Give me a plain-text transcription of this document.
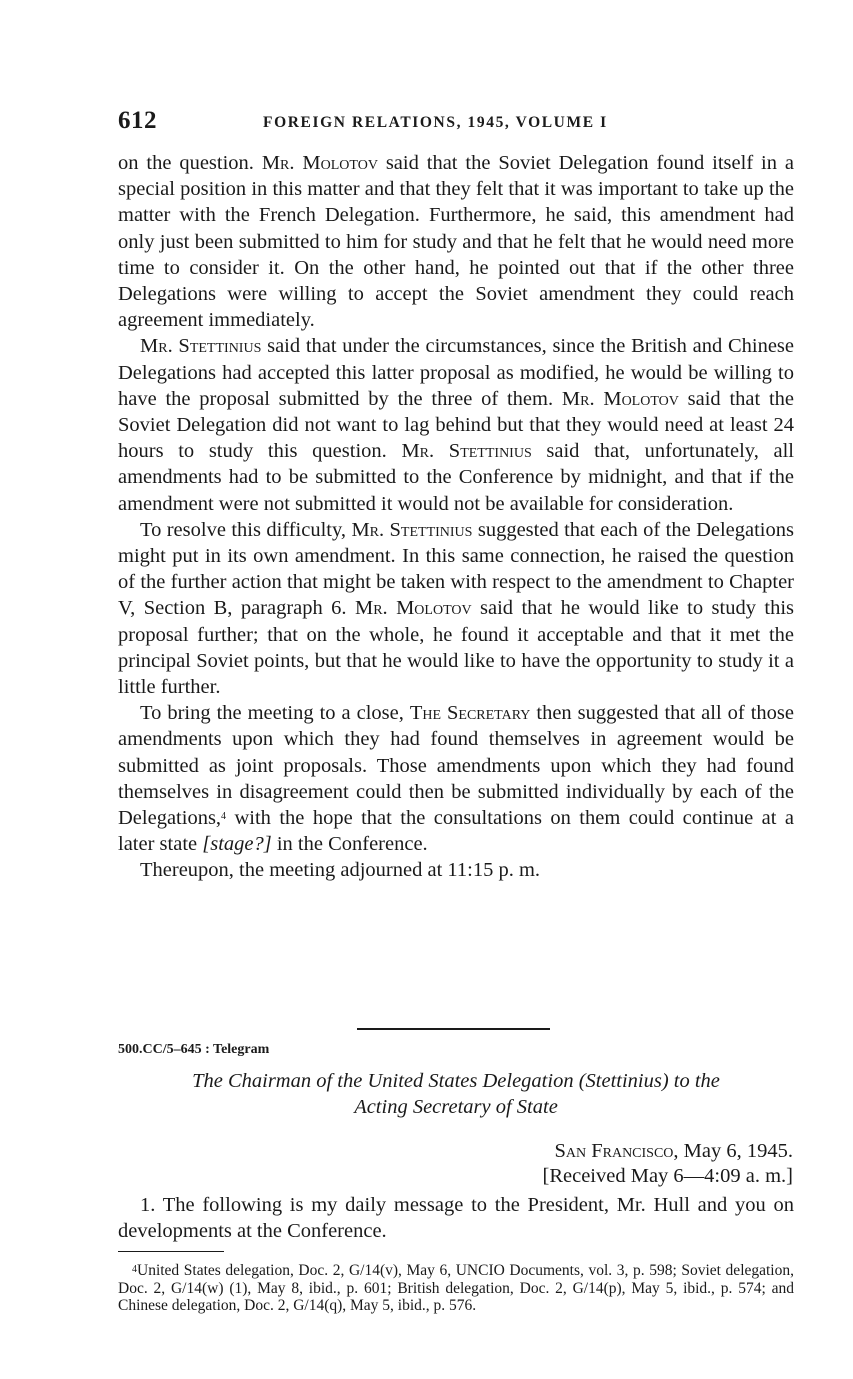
612	FOREIGN RELATIONS, 1945, VOLUME I

on the question. Mr. Molotov said that the Soviet Delegation found itself in a special position in this matter and that they felt that it was important to take up the matter with the French Delegation. Furthermore, he said, this amendment had only just been submitted to him for study and that he felt that he would need more time to consider it. On the other hand, he pointed out that if the other three Delegations were willing to accept the Soviet amendment they could reach agreement immediately.

Mr. Stettinius said that under the circumstances, since the British and Chinese Delegations had accepted this latter proposal as modified, he would be willing to have the proposal submitted by the three of them. Mr. Molotov said that the Soviet Delegation did not want to lag behind but that they would need at least 24 hours to study this question. Mr. Stettinius said that, unfortunately, all amendments had to be submitted to the Conference by midnight, and that if the amendment were not submitted it would not be available for consideration.

To resolve this difficulty, Mr. Stettinius suggested that each of the Delegations might put in its own amendment. In this same connection, he raised the question of the further action that might be taken with respect to the amendment to Chapter V, Section B, paragraph 6. Mr. Molotov said that he would like to study this proposal further; that on the whole, he found it acceptable and that it met the principal Soviet points, but that he would like to have the opportunity to study it a little further.

To bring the meeting to a close, The Secretary then suggested that all of those amendments upon which they had found themselves in agreement would be submitted as joint proposals. Those amendments upon which they had found themselves in disagreement could then be submitted individually by each of the Delegations,$^4$ with the hope that the consultations on them could continue at a later state [stage?] in the Conference.

Thereupon, the meeting adjourned at 11:15 p. m.

500.CC/5–645 : Telegram
The Chairman of the United States Delegation (Stettinius) to the
Acting Secretary of State
San Francisco, May 6, 1945.
[Received May 6—4:09 a. m.]

1. The following is my daily message to the President, Mr. Hull and you on developments at the Conference.

$^4$United States delegation, Doc. 2, G/14(v), May 6, UNCIO Documents, vol. 3, p. 598; Soviet delegation, Doc. 2, G/14(w) (1), May 8, ibid., p. 601; British delegation, Doc. 2, G/14(p), May 5, ibid., p. 574; and Chinese delegation, Doc. 2, G/14(q), May 5, ibid., p. 576.
